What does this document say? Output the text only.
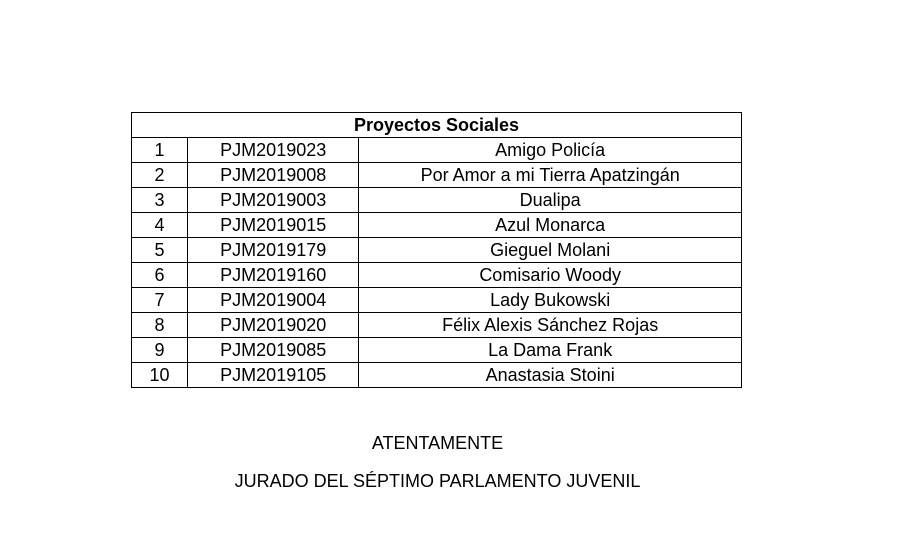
Proyectos Sociales		
1	PJM2019023	Amigo Policía
2	PJM2019008	Por Amor a mi Tierra Apatzingán
3	PJM2019003	Dualipa
4	PJM2019015	Azul Monarca
5	PJM2019179	Gieguel Molani
6	PJM2019160	Comisario Woody
7	PJM2019004	Lady Bukowski
8	PJM2019020	Félix Alexis Sánchez Rojas
9	PJM2019085	La Dama Frank
10	PJM2019105	Anastasia Stoini
ATENTAMENTE
JURADO DEL SÉPTIMO PARLAMENTO JUVENIL
